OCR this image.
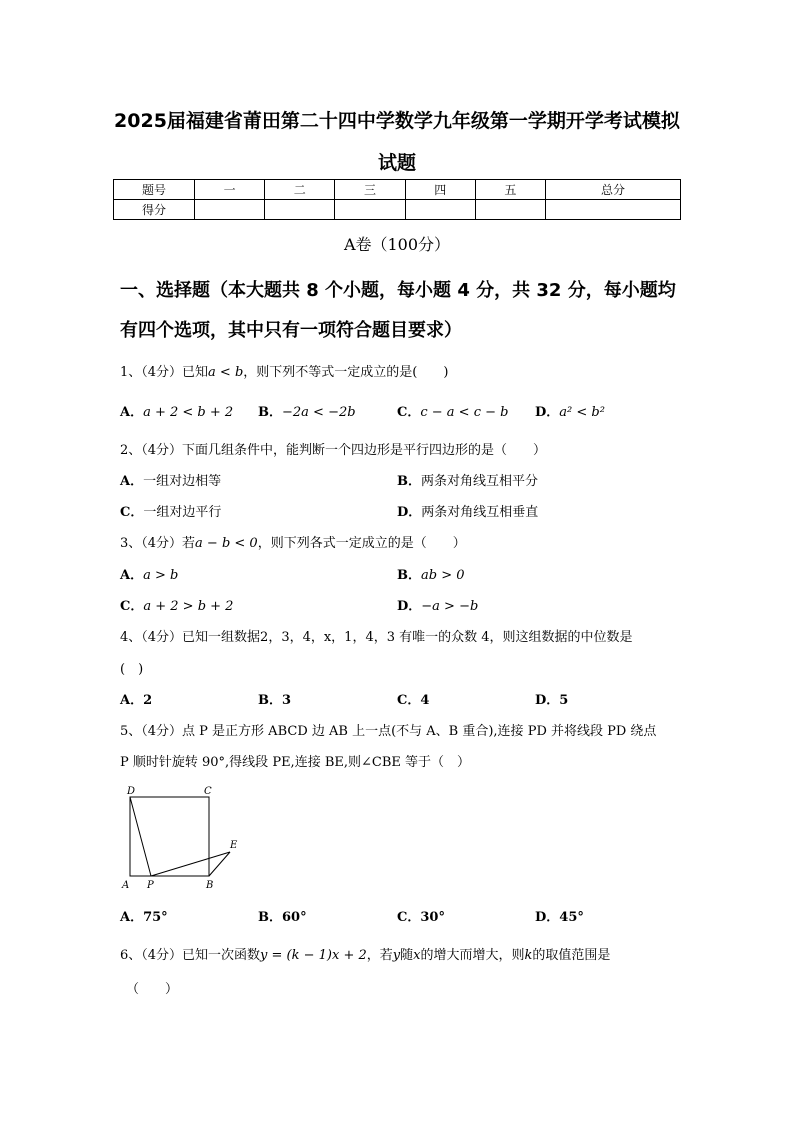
2025届福建省莆田第二十四中学数学九年级第一学期开学考试模拟
试题
题号	一	二	三	四	五	总分
得分						
A卷（100分）
一、选择题（本大题共 8 个小题，每小题 4 分，共 32 分，每小题均
有四个选项，其中只有一项符合题目要求）
1、（4分）已知a < b，则下列不等式一定成立的是(　　)
A．a + 2 < b + 2 B．−2a < −2b	C．c − a < c − b D．a² < b²
2、（4分）下面几组条件中，能判断一个四边形是平行四边形的是（　　）
A．一组对边相等	B．两条对角线互相平分
C．一组对边平行	D．两条对角线互相垂直
3、（4分）若a − b < 0，则下列各式一定成立的是（　　）
A．a > b	B．ab > 0
C．a + 2 > b + 2	D．−a > −b
4、（4分）已知一组数据2，3，4，x，1，4，3 有唯一的众数 4，则这组数据的中位数是
(　)
A．2	B．3	C．4	D．5
5、（4分）点 P 是正方形 ABCD 边 AB 上一点(不与 A、B 重合),连接 PD 并将线段 PD 绕点
P 顺时针旋转 90°,得线段 PE,连接 BE,则∠CBE 等于（　）
D	C
E
A P	B
A．75°	B．60°	C．30°	D．45°
6、（4分）已知一次函数y = (k − 1)x + 2，若y随x的增大而增大，则k的取值范围是
（　　）
